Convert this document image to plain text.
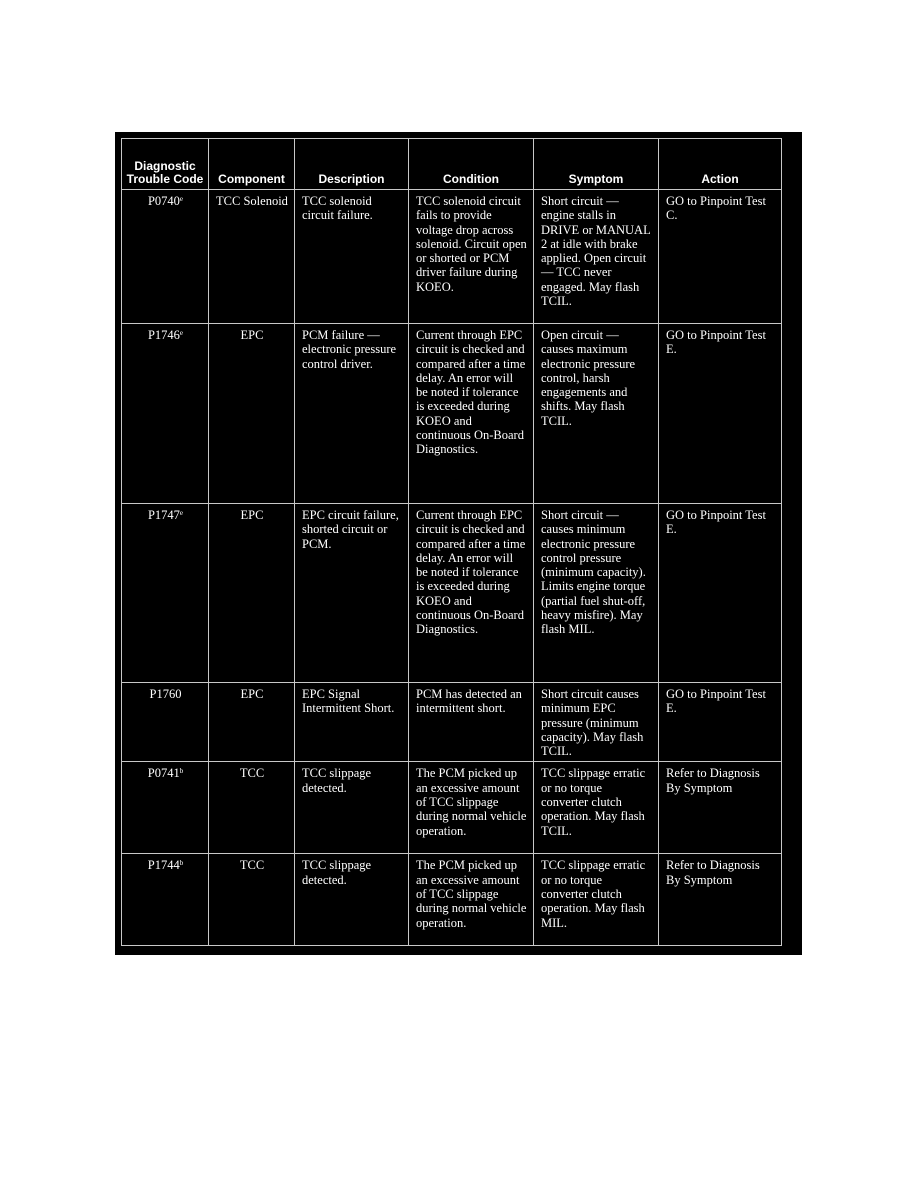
Diagnostic Trouble Code	Component	Description	Condition	Symptom	Action
P0740e	TCC Solenoid	TCC solenoid circuit failure.	TCC solenoid circuit fails to provide voltage drop across solenoid. Circuit open or shorted or PCM driver failure during KOEO.	Short circuit — engine stalls in DRIVE or MANUAL 2 at idle with brake applied. Open circuit — TCC never engaged. May flash TCIL.	GO to Pinpoint Test C.
P1746e	EPC	PCM failure — electronic pressure control driver.	Current through EPC circuit is checked and compared after a time delay. An error will be noted if tolerance is exceeded during KOEO and continuous On-Board Diagnostics.	Open circuit — causes maximum electronic pressure control, harsh engagements and shifts. May flash TCIL.	GO to Pinpoint Test E.
P1747e	EPC	EPC circuit failure, shorted circuit or PCM.	Current through EPC circuit is checked and compared after a time delay. An error will be noted if tolerance is exceeded during KOEO and continuous On-Board Diagnostics.	Short circuit — causes minimum electronic pressure control pressure (minimum capacity). Limits engine torque (partial fuel shut-off, heavy misfire). May flash MIL.	GO to Pinpoint Test E.
P1760	EPC	EPC Signal Intermittent Short.	PCM has detected an intermittent short.	Short circuit causes minimum EPC pressure (minimum capacity). May flash TCIL.	GO to Pinpoint Test E.
P0741$^b$	TCC	TCC slippage detected.	The PCM picked up an excessive amount of TCC slippage during normal vehicle operation.	TCC slippage erratic or no torque converter clutch operation. May flash TCIL.	Refer to Diagnosis By Symptom
P1744$^b$	TCC	TCC slippage detected.	The PCM picked up an excessive amount of TCC slippage during normal vehicle operation.	TCC slippage erratic or no torque converter clutch operation. May flash MIL.	Refer to Diagnosis By Symptom
